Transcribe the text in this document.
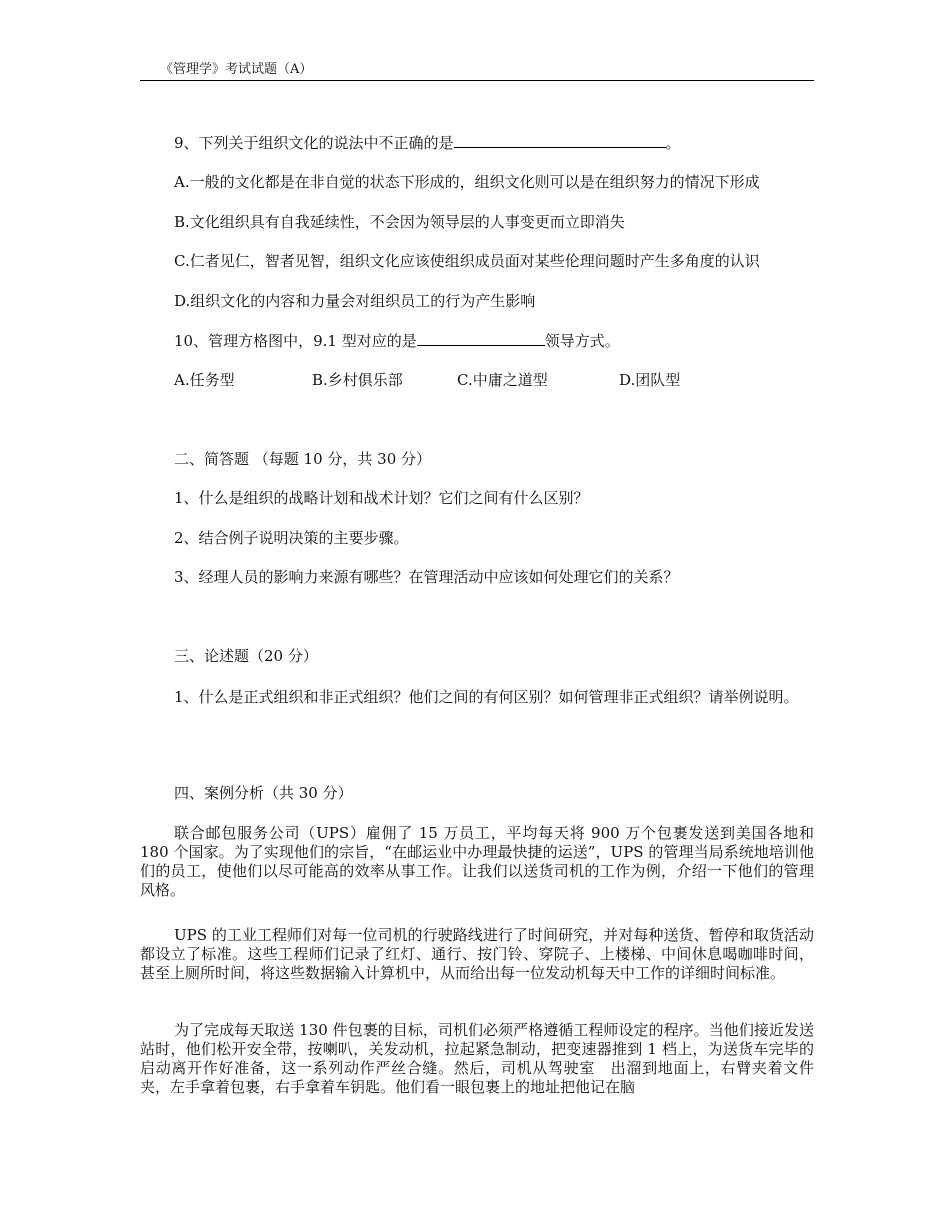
《管理学》考试试题（A）
9、下列关于组织文化的说法中不正确的是	。
A.一般的文化都是在非自觉的状态下形成的，组织文化则可以是在组织努力的情况下形成
B.文化组织具有自我延续性，不会因为领导层的人事变更而立即消失
C.仁者见仁，智者见智，组织文化应该使组织成员面对某些伦理问题时产生多角度的认识
D.组织文化的内容和力量会对组织员工的行为产生影响
10、管理方格图中，9.1 型对应的是	领导方式。
A.任务型	B.乡村俱乐部	C.中庸之道型	D.团队型
二、简答题 （每题 10 分，共 30 分）
1、什么是组织的战略计划和战术计划？它们之间有什么区别？
2、结合例子说明决策的主要步骤。
3、经理人员的影响力来源有哪些？在管理活动中应该如何处理它们的关系？
三、论述题（20 分）
1、什么是正式组织和非正式组织？他们之间的有何区别？如何管理非正式组织？请举例说明。
四、案例分析（共 30 分）
联合邮包服务公司（UPS）雇佣了 15 万员工，平均每天将 900 万个包裹发送到美国各地和 180 个国家。为了实现他们的宗旨，“在邮运业中办理最快捷的运送”，UPS 的管理当局系统地培训他们的员工，使他们以尽可能高的效率从事工作。让我们以送货司机的工作为例，介绍一下他们的管理风格。
UPS 的工业工程师们对每一位司机的行驶路线进行了时间研究，并对每种送货、暂停和取货活动都设立了标准。这些工程师们记录了红灯、通行、按门铃、穿院子、上楼梯、中间休息喝咖啡时间，甚至上厕所时间，将这些数据输入计算机中，从而给出每一位发动机每天中工作的详细时间标准。
为了完成每天取送 130 件包裹的目标，司机们必须严格遵循工程师设定的程序。当他们接近发送站时，他们松开安全带，按喇叭，关发动机，拉起紧急制动，把变速器推到 1 档上，为送货车完毕的启动离开作好准备，这一系列动作严丝合缝。然后，司机从驾驶室　出溜到地面上，右臂夹着文件夹，左手拿着包裹，右手拿着车钥匙。他们看一眼包裹上的地址把他记在脑
